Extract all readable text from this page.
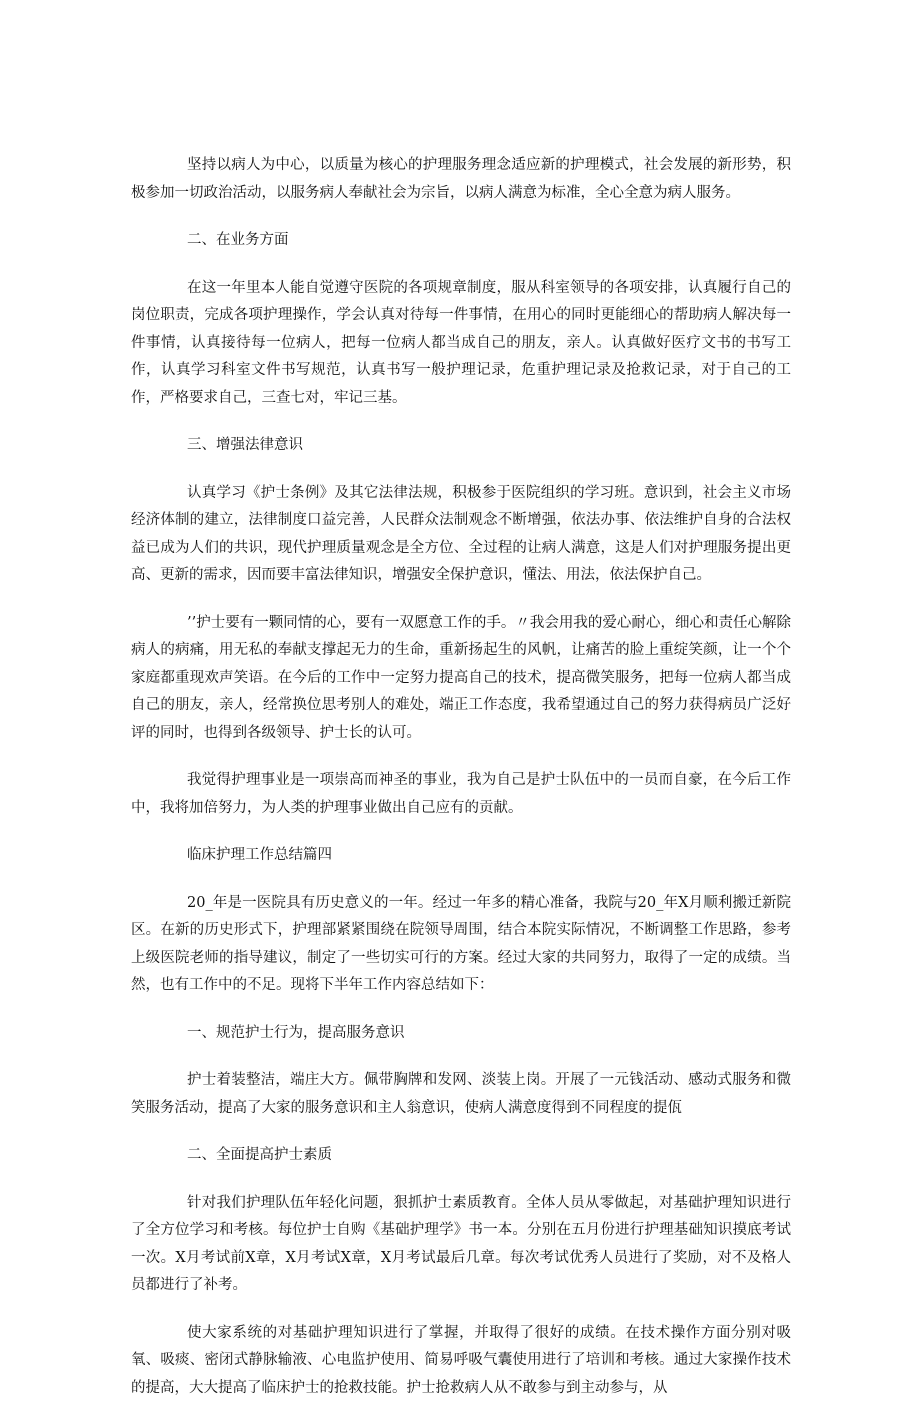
坚持以病人为中心，以质量为核心的护理服务理念适应新的护理模式，社会发展的新形势，积极参加一切政治活动，以服务病人奉献社会为宗旨，以病人满意为标准，全心全意为病人服务。

二、在业务方面

在这一年里本人能自觉遵守医院的各项规章制度，服从科室领导的各项安排，认真履行自己的岗位职责，完成各项护理操作，学会认真对待每一件事情，在用心的同时更能细心的帮助病人解决每一件事情，认真接待每一位病人，把每一位病人都当成自己的朋友，亲人。认真做好医疗文书的书写工作，认真学习科室文件书写规范，认真书写一般护理记录，危重护理记录及抢救记录，对于自己的工作，严格要求自己，三查七对，牢记三基。

三、增强法律意识

认真学习《护士条例》及其它法律法规，积极参于医院组织的学习班。意识到，社会主义市场经济体制的建立，法律制度口益完善，人民群众法制观念不断增强，依法办事、依法维护自身的合法权益已成为人们的共识，现代护理质量观念是全方位、全过程的让病人满意，这是人们对护理服务提出更高、更新的需求，因而要丰富法律知识，增强安全保护意识，懂法、用法，依法保护自己。

’’护士要有一颗同情的心，要有一双愿意工作的手。〃我会用我的爱心耐心，细心和责任心解除病人的病痛，用无私的奉献支撑起无力的生命，重新扬起生的风帆，让痛苦的脸上重绽笑颜，让一个个家庭都重现欢声笑语。在今后的工作中一定努力提高自己的技术，提高微笑服务，把每一位病人都当成自己的朋友，亲人，经常换位思考别人的难处，端正工作态度，我希望通过自己的努力获得病员广泛好评的同时，也得到各级领导、护士长的认可。

我觉得护理事业是一项崇高而神圣的事业，我为自己是护士队伍中的一员而自豪，在今后工作中，我将加倍努力，为人类的护理事业做出自己应有的贡献。

临床护理工作总结篇四

20_年是一医院具有历史意义的一年。经过一年多的精心准备，我院与20_年X月顺利搬迁新院区。在新的历史形式下，护理部紧紧围绕在院领导周围，结合本院实际情况，不断调整工作思路，参考上级医院老师的指导建议，制定了一些切实可行的方案。经过大家的共同努力，取得了一定的成绩。当然，也有工作中的不足。现将下半年工作内容总结如下：

一、规范护士行为，提高服务意识

护士着装整洁，端庄大方。佩带胸牌和发网、淡装上岗。开展了一元钱活动、感动式服务和微笑服务活动，提高了大家的服务意识和主人翁意识，使病人满意度得到不同程度的提佤

二、全面提高护士素质

针对我们护理队伍年轻化问题，狠抓护士素质教育。全体人员从零做起，对基础护理知识进行了全方位学习和考核。每位护士自购《基础护理学》书一本。分别在五月份进行护理基础知识摸底考试一次。X月考试前X章，X月考试X章，X月考试最后几章。每次考试优秀人员进行了奖励，对不及格人员都进行了补考。

使大家系统的对基础护理知识进行了掌握，并取得了很好的成绩。在技术操作方面分别对吸氧、吸痰、密闭式静脉输液、心电监护使用、简易呼吸气囊使用进行了培训和考核。通过大家操作技术的提高，大大提高了临床护士的抢救技能。护士抢救病人从不敢参与到主动参与，从
